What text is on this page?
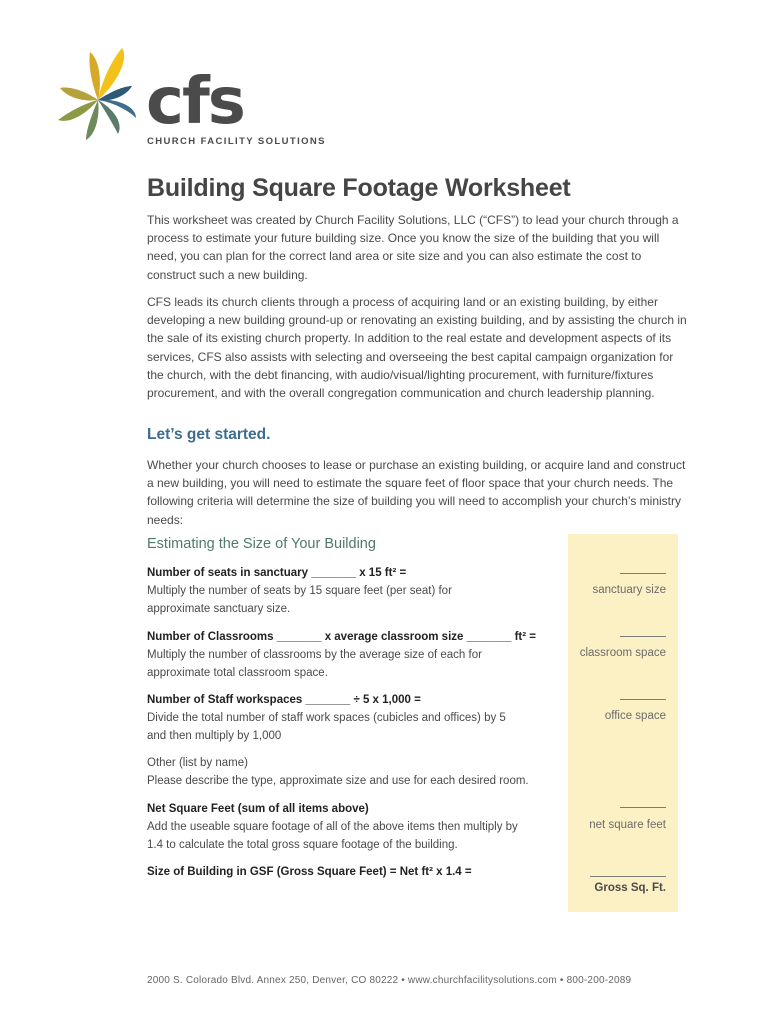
cfs
CHURCH FACILITY SOLUTIONS
Building Square Footage Worksheet

This worksheet was created by Church Facility Solutions, LLC (“CFS”) to lead your church through a process to estimate your future building size. Once you know the size of the building that you will need, you can plan for the correct land area or site size and you can also estimate the cost to construct such a new building.

CFS leads its church clients through a process of acquiring land or an existing building, by either developing a new building ground-up or renovating an existing building, and by assisting the church in the sale of its existing church property. In addition to the real estate and development aspects of its services, CFS also assists with selecting and overseeing the best capital campaign organization for the church, with the debt financing, with audio/visual/lighting procurement, with furniture/fixtures procurement, and with the overall congregation communication and church leadership planning.

Let’s get started.

Whether your church chooses to lease or purchase an existing building, or acquire land and construct a new building, you will need to estimate the square feet of floor space that your church needs. The following criteria will determine the size of building you will need to accomplish your church’s ministry needs:

Estimating the Size of Your Building
Number of seats in sanctuary _______ x 15 ft² =
Multiply the number of seats by 15 square feet (per seat) for approximate sanctuary size.
sanctuary size
Number of Classrooms _______ x average classroom size _______ ft² =
Multiply the number of classrooms by the average size of each for approximate total classroom space.
classroom space
Number of Staff workspaces _______ ÷ 5 x 1,000 =
Divide the total number of staff work spaces (cubicles and offices) by 5 and then multiply by 1,000
office space
Other (list by name)
Please describe the type, approximate size and use for each desired room.
Net Square Feet (sum of all items above)
Add the useable square footage of all of the above items then multiply by 1.4 to calculate the total gross square footage of the building.
net square feet
Size of Building in GSF (Gross Square Feet) = Net ft² x 1.4 =
Gross Sq. Ft.
2000 S. Colorado Blvd. Annex 250, Denver, CO 80222 • www.churchfacilitysolutions.com • 800-200-2089
